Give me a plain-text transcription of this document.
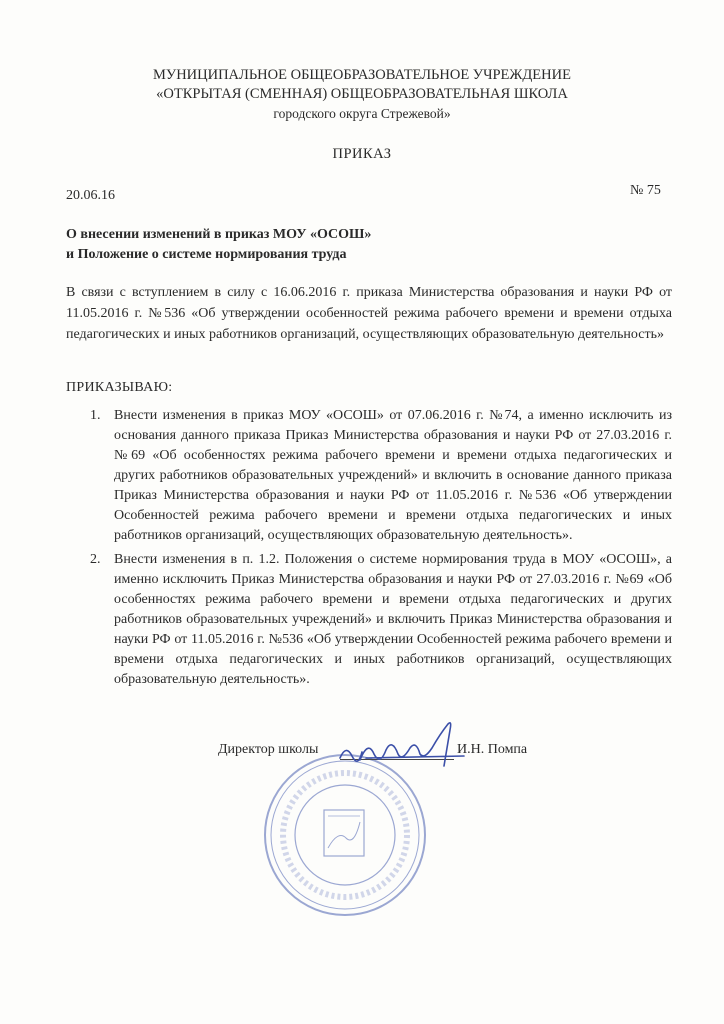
МУНИЦИПАЛЬНОЕ ОБЩЕОБРАЗОВАТЕЛЬНОЕ УЧРЕЖДЕНИЕ
«ОТКРЫТАЯ (СМЕННАЯ) ОБЩЕОБРАЗОВАТЕЛЬНАЯ ШКОЛА
городского округа Стрежевой»
ПРИКАЗ
20.06.16	№ 75
О внесении изменений в приказ МОУ «ОСОШ»
и Положение о системе нормирования труда
В связи с вступлением в силу с 16.06.2016 г. приказа Министерства образования и науки РФ от 11.05.2016 г. №536 «Об утверждении особенностей режима рабочего времени и времени отдыха педагогических и иных работников организаций, осуществляющих образовательную деятельность»
ПРИКАЗЫВАЮ:
1. Внести изменения в приказ МОУ «ОСОШ» от 07.06.2016 г. №74, а именно исключить из основания данного приказа Приказ Министерства образования и науки РФ от 27.03.2016 г. №69 «Об особенностях режима рабочего времени и времени отдыха педагогических и других работников образовательных учреждений» и включить в основание данного приказа Приказ Министерства образования и науки РФ от 11.05.2016 г. №536 «Об утверждении Особенностей режима рабочего времени и времени отдыха педагогических и иных работников организаций, осуществляющих образовательную деятельность».
2. Внести изменения в п. 1.2. Положения о системе нормирования труда в МОУ «ОСОШ», а именно исключить Приказ Министерства образования и науки РФ от 27.03.2016 г. №69 «Об особенностях режима рабочего времени и времени отдыха педагогических и других работников образовательных учреждений» и включить Приказ Министерства образования и науки РФ от 11.05.2016 г. №536 «Об утверждении Особенностей режима рабочего времени и времени отдыха педагогических и иных работников организаций, осуществляющих образовательную деятельность».
Директор школы	И.Н. Помпа
